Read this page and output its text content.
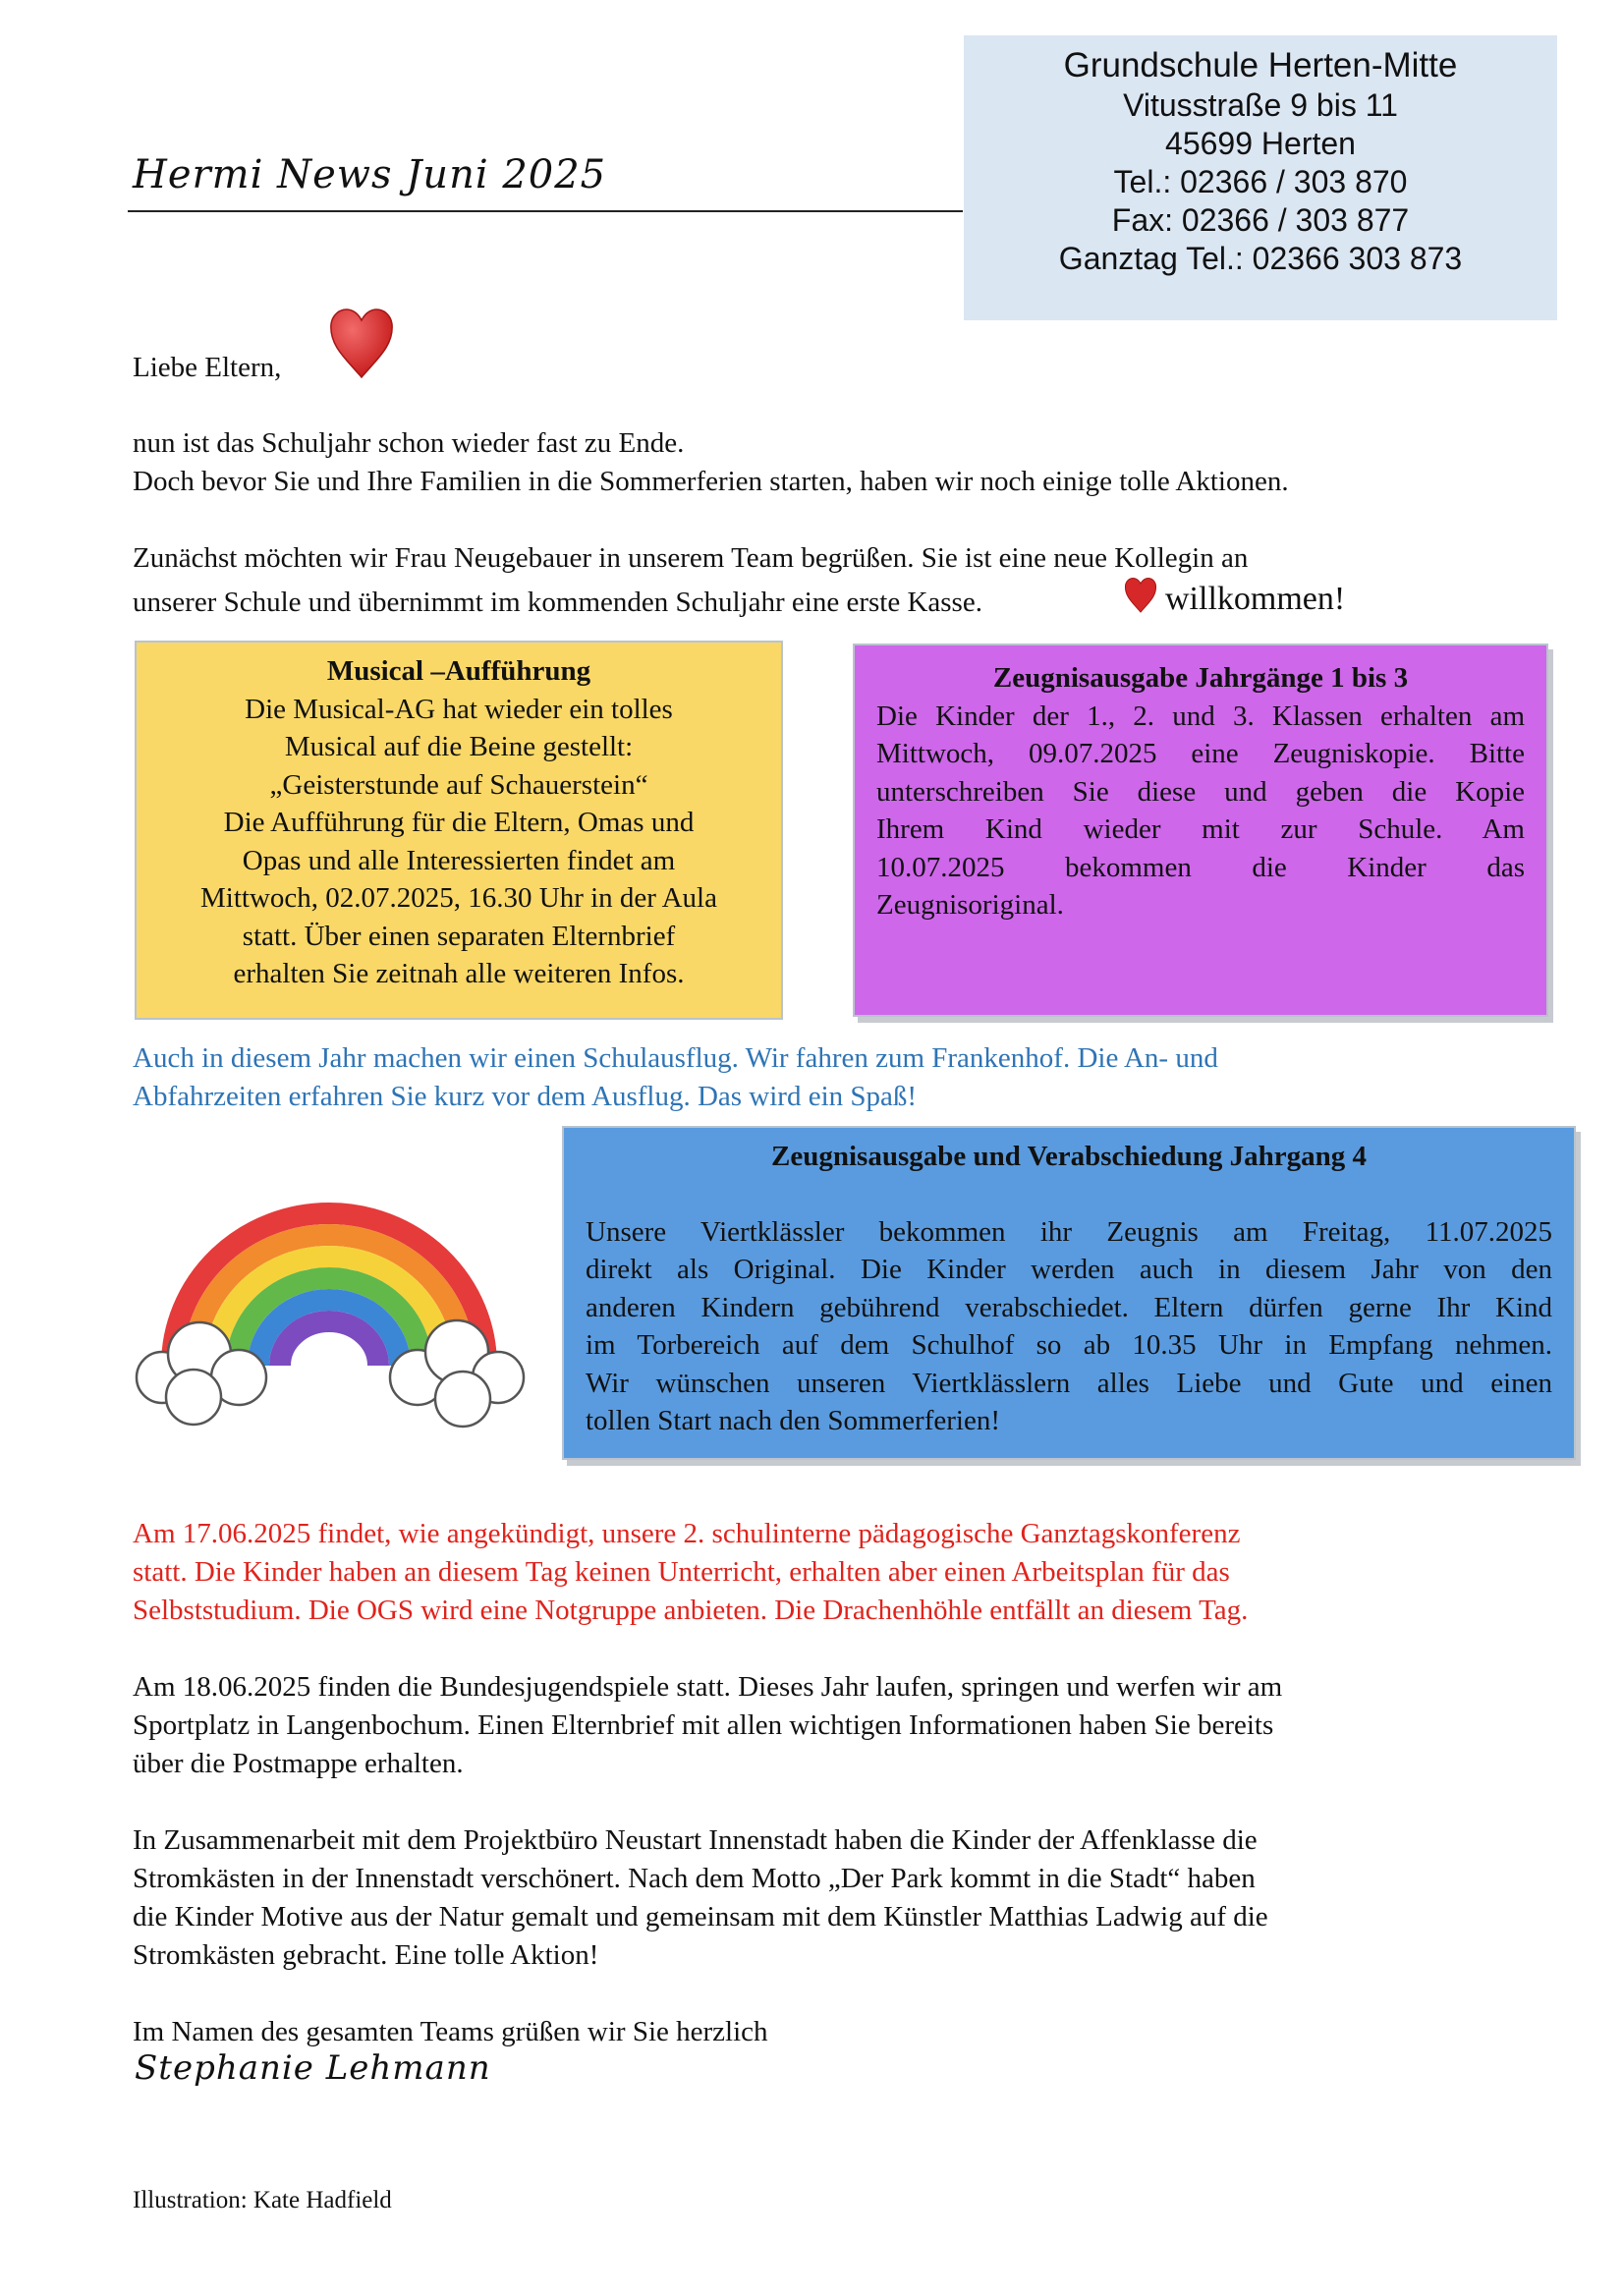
Hermi News Juni 2025
Grundschule Herten-Mitte
Vitusstraße 9 bis 11
45699 Herten
Tel.: 02366 / 303 870
Fax: 02366 / 303 877
Ganztag Tel.: 02366 303 873
Liebe Eltern,
nun ist das Schuljahr schon wieder fast zu Ende.
Doch bevor Sie und Ihre Familien in die Sommerferien starten, haben wir noch einige tolle Aktionen.
Zunächst möchten wir Frau Neugebauer in unserem Team begrüßen. Sie ist eine neue Kollegin an
unserer Schule und übernimmt im kommenden Schuljahr eine erste Kasse.	willkommen!
Musical –Aufführung
Die Musical-AG hat wieder ein tolles
Musical auf die Beine gestellt:
„Geisterstunde auf Schauerstein“
Die Aufführung für die Eltern, Omas und
Opas und alle Interessierten findet am
Mittwoch, 02.07.2025, 16.30 Uhr in der Aula
statt. Über einen separaten Elternbrief
erhalten Sie zeitnah alle weiteren Infos.
Zeugnisausgabe Jahrgänge 1 bis 3
Die Kinder der 1., 2. und 3. Klassen erhalten am
Mittwoch, 09.07.2025 eine Zeugniskopie. Bitte
unterschreiben Sie diese und geben die Kopie
Ihrem Kind wieder mit zur Schule. Am
10.07.2025 bekommen die Kinder das
Zeugnisoriginal.
Auch in diesem Jahr machen wir einen Schulausflug. Wir fahren zum Frankenhof. Die An- und
Abfahrzeiten erfahren Sie kurz vor dem Ausflug. Das wird ein Spaß!
Zeugnisausgabe und Verabschiedung Jahrgang 4
Unsere Viertklässler bekommen ihr Zeugnis am Freitag, 11.07.2025
direkt als Original. Die Kinder werden auch in diesem Jahr von den
anderen Kindern gebührend verabschiedet. Eltern dürfen gerne Ihr Kind
im Torbereich auf dem Schulhof so ab 10.35 Uhr in Empfang nehmen.
Wir wünschen unseren Viertklässlern alles Liebe und Gute und einen
tollen Start nach den Sommerferien!
Am 17.06.2025 findet, wie angekündigt, unsere 2. schulinterne pädagogische Ganztagskonferenz
statt. Die Kinder haben an diesem Tag keinen Unterricht, erhalten aber einen Arbeitsplan für das
Selbststudium. Die OGS wird eine Notgruppe anbieten. Die Drachenhöhle entfällt an diesem Tag.
Am 18.06.2025 finden die Bundesjugendspiele statt. Dieses Jahr laufen, springen und werfen wir am
Sportplatz in Langenbochum. Einen Elternbrief mit allen wichtigen Informationen haben Sie bereits
über die Postmappe erhalten.
In Zusammenarbeit mit dem Projektbüro Neustart Innenstadt haben die Kinder der Affenklasse die
Stromkästen in der Innenstadt verschönert. Nach dem Motto „Der Park kommt in die Stadt“ haben
die Kinder Motive aus der Natur gemalt und gemeinsam mit dem Künstler Matthias Ladwig auf die
Stromkästen gebracht. Eine tolle Aktion!
Im Namen des gesamten Teams grüßen wir Sie herzlich
Stephanie Lehmann
Illustration: Kate Hadfield
